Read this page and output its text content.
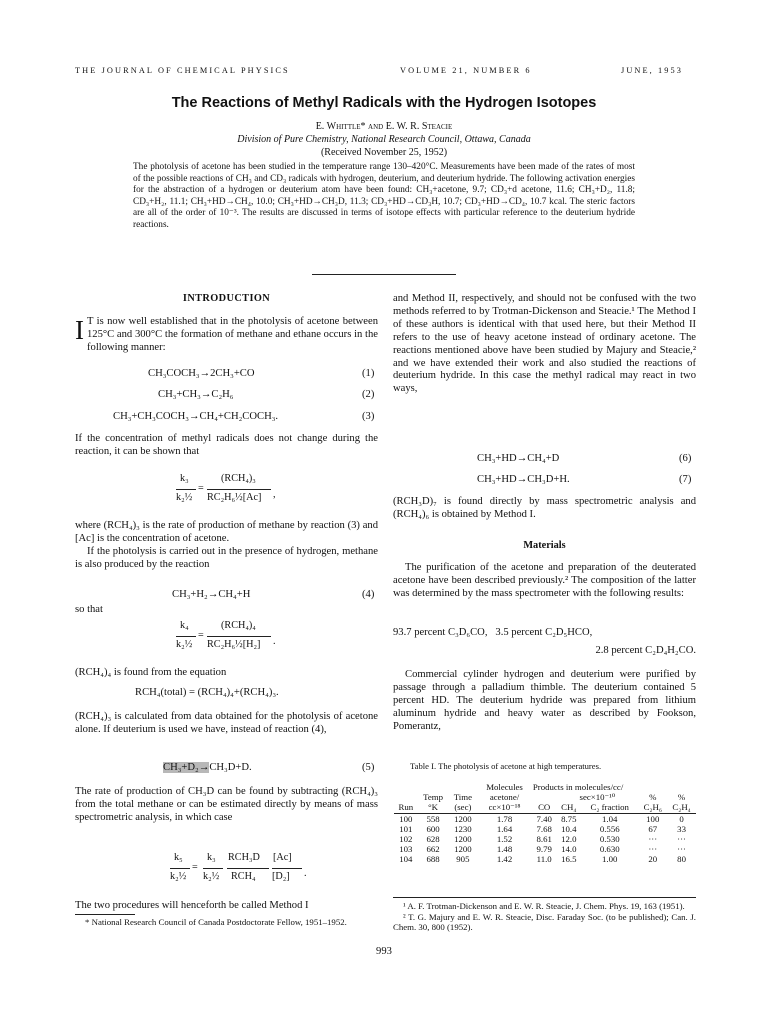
THE JOURNAL OF CHEMICAL PHYSICS	VOLUME 21, NUMBER 6	JUNE, 1953
The Reactions of Methyl Radicals with the Hydrogen Isotopes
E. Whittle* and E. W. R. Steacie
Division of Pure Chemistry, National Research Council, Ottawa, Canada
(Received November 25, 1952)
The photolysis of acetone has been studied in the temperature range 130–420°C. Measurements have been made of the rates of most of the possible reactions of CH₃ and CD₃ radicals with hydrogen, deuterium, and deuterium hydride. The following activation energies for the abstraction of a hydrogen or deuterium atom have been found: CH₃+acetone, 9.7; CD₃+d acetone, 11.6; CH₃+D₂, 11.8; CD₃+H₂, 11.1; CH₃+HD→CH₄, 10.0; CH₃+HD→CH₃D, 11.3; CD₃+HD→CD₃H, 10.7; CD₃+HD→CD₄, 10.7 kcal. The steric factors are all of the order of 10⁻³. The results are discussed in terms of isotope effects with particular reference to the deuterium hydride reactions.
INTRODUCTION

I T is now well established that in the photolysis of acetone between 125°C and 300°C the formation of methane and ethane occurs in the following manner:

CH₃COCH₃→2CH₃+CO	(1)
CH₃+CH₃→C₂H₆	(2)
CH₃+CH₃COCH₃→CH₄+CH₂COCH₃.	(3)

If the concentration of methyl radicals does not change during the reaction, it can be shown that

k₃
k₂½
=
(RCH₄)₃
RC₂H₆½[Ac] ,

where (RCH₄)₃ is the rate of production of methane by reaction (3) and [Ac] is the concentration of acetone.

If the photolysis is carried out in the presence of hydrogen, methane is also produced by the reaction

CH₃+H₂→CH₄+H	(4)
so that
k₄
k₂½
=
(RCH₄)₄
RC₂H₆½[H₂] .
(RCH₄)₄ is found from the equation
RCH₄(total) = (RCH₄)₄+(RCH₄)₃.

(RCH₄)₃ is calculated from data obtained for the photolysis of acetone alone. If deuterium is used we have, instead of reaction (4),

CH₃+D₂→CH₃D+D.	(5)

The rate of production of CH₃D can be found by subtracting (RCH₄)₃ from the total methane or can be estimated directly by means of mass spectrometric analysis, in which case

k₅
k₂½
=
k₃
k₂½
RCH₃D
RCH₄
[Ac]
[D₂] .
The two procedures will henceforth be called Method I

* National Research Council of Canada Postdoctorate Fellow, 1951–1952.

and Method II, respectively, and should not be confused with the two methods referred to by Trotman-Dickenson and Steacie.¹ The Method I of these authors is identical with that used here, but their Method II refers to the use of heavy acetone instead of ordinary acetone. The reactions mentioned above have been studied by Majury and Steacie,² and we have extended their work and also studied the reactions of deuterium hydride. In this case the methyl radical may react in two ways,

CH₃+HD→CH₄+D	(6)
CH₃+HD→CH₃D+H.	(7)

(RCH₃D)₇ is found directly by mass spectrometric analysis and (RCH₄)₆ is obtained by Method I.

Materials

The purification of the acetone and preparation of the deuterated acetone have been described previously.² The composition of the latter was determined by the mass spectrometer with the following results:

93.7 percent C₃D₆CO,   3.5 percent C₂D₅HCO,
2.8 percent C₂D₄H₂CO.

Commercial cylinder hydrogen and deuterium were purified by passage through a palladium thimble. The deuterium contained 5 percent HD. The deuterium hydride was prepared from lithium aluminum hydride and heavy water as described by Fookson, Pomerantz,

Table I. The photolysis of acetone at high temperatures.
			Molecules	Products in molecules/cc/				
	Temp	Time	acetone/		sec×10⁻¹⁰		%	%
Run	°K	(sec)	cc×10⁻¹⁸	CO	CH₄	C₂ fraction	C₂H₆	C₂H₄
100	558	1200	1.78	7.40	8.75	1.04	100	0
101	600	1230	1.64	7.68	10.4	0.556	67	33
102	628	1200	1.52	8.61	12.0	0.530	···	···
103	662	1200	1.48	9.79	14.0	0.630	···	···
104	688	905	1.42	11.0	16.5	1.00	20	80

¹ A. F. Trotman-Dickenson and E. W. R. Steacie, J. Chem. Phys. 19, 163 (1951).

² T. G. Majury and E. W. R. Steacie, Disc. Faraday Soc. (to be published); Can. J. Chem. 30, 800 (1952).

993
